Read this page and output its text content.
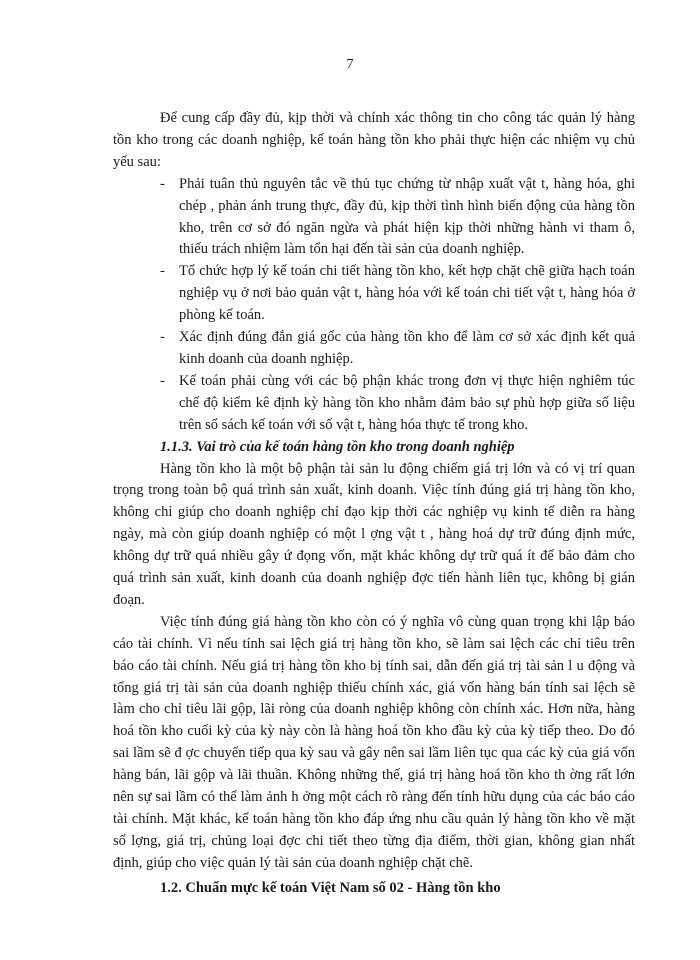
7

Để cung cấp đầy đủ, kịp thời và chính xác thông tin cho công tác quản lý hàng tồn kho trong các doanh nghiệp, kế toán hàng tồn kho phải thực hiện các nhiệm vụ chủ yếu sau:

- Phải tuân thủ nguyên tắc về thủ tục chứng từ nhập xuất vật t, hàng hóa, ghi chép , phản ánh trung thực, đầy đủ, kịp thời tình hình biến động của hàng tồn kho, trên cơ sở đó ngăn ngừa và phát hiện kịp thời những hành vi tham ô, thiếu trách nhiệm làm tổn hại đến tài sản của doanh nghiệp.
- Tổ chức hợp lý kế toán chi tiết hàng tồn kho, kết hợp chặt chẽ giữa hạch toán nghiệp vụ ở nơi bảo quản vật t, hàng hóa với kế toán chi tiết vật t, hàng hóa ở phòng kế toán.
- Xác định đúng đắn giá gốc của hàng tồn kho để làm cơ sở xác định kết quả kinh doanh của doanh nghiệp.
- Kế toán phải cùng với các bộ phận khác trong đơn vị thực hiện nghiêm túc chế độ kiểm kê định kỳ hàng tồn kho nhằm đảm bảo sự phù hợp giữa số liệu trên sổ sách kế toán với số vật t, hàng hóa thực tế trong kho.

1.1.3. Vai trò của kế toán hàng tồn kho trong doanh nghiệp

Hàng tồn kho là một bộ phận tài sản lu động chiếm giá trị lớn và có vị trí quan trọng trong toàn bộ quá trình sản xuất, kinh doanh. Việc tính đúng giá trị hàng tồn kho, không chỉ giúp cho doanh nghiệp chỉ đạo kịp thời các nghiệp vụ kinh tế diễn ra hàng ngày, mà còn giúp doanh nghiệp có một l ợng vật t , hàng hoá dự trữ đúng định mức, không dự trữ quá nhiều gây ứ đọng vốn, mặt khác không dự trữ quá ít để bảo đảm cho quá trình sản xuất, kinh doanh của doanh nghiệp đợc tiến hành liên tục, không bị gián đoạn.

Việc tính đúng giá hàng tồn kho còn có ý nghĩa vô cùng quan trọng khi lập báo cáo tài chính. Vì nếu tính sai lệch giá trị hàng tồn kho, sẽ làm sai lệch các chỉ tiêu trên báo cáo tài chính. Nếu giá trị hàng tồn kho bị tính sai, dẫn đến giá trị tài sản l u động và tổng giá trị tài sản của doanh nghiệp thiếu chính xác, giá vốn hàng bán tính sai lệch sẽ làm cho chỉ tiêu lãi gộp, lãi ròng của doanh nghiệp không còn chính xác. Hơn nữa, hàng hoá tồn kho cuối kỳ của kỳ này còn là hàng hoá tồn kho đầu kỳ của kỳ tiếp theo. Do đó sai lầm sẽ đ ợc chuyển tiếp qua kỳ sau và gây nên sai lầm liên tục qua các kỳ của giá vốn hàng bán, lãi gộp và lãi thuần. Không những thế, giá trị hàng hoá tồn kho th ờng rất lớn nên sự sai lầm có thể làm ảnh h ởng một cách rõ ràng đến tính hữu dụng của các báo cáo tài chính. Mặt khác, kế toán hàng tồn kho đáp ứng nhu cầu quản lý hàng tồn kho về mặt số lợng, giá trị, chủng loại đợc chi tiết theo từng địa điểm, thời gian, không gian nhất định, giúp cho việc quản lý tài sản của doanh nghiệp chặt chẽ.

1.2. Chuẩn mực kế toán Việt Nam số 02 - Hàng tồn kho
